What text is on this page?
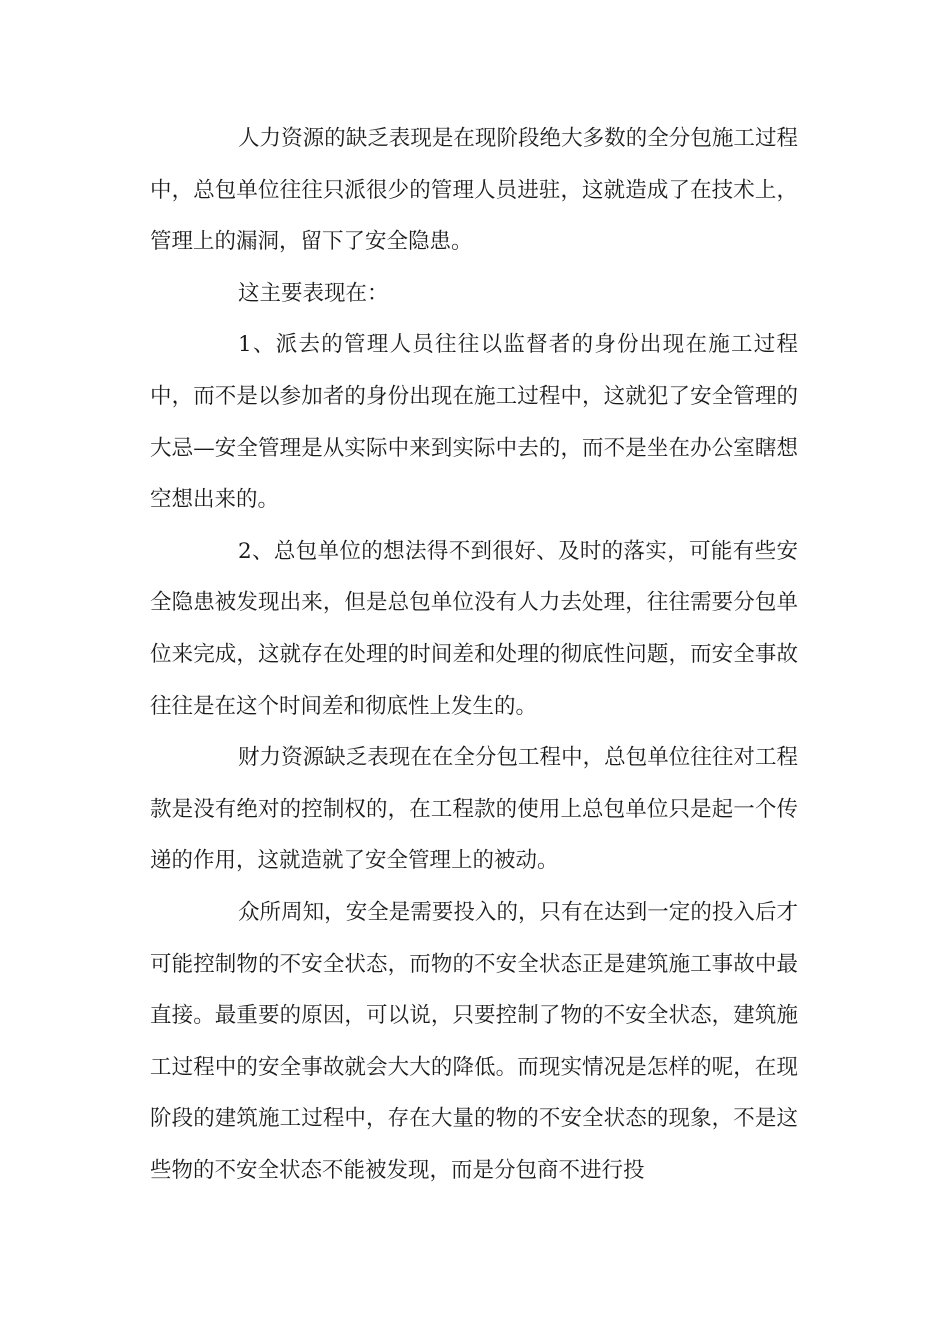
人力资源的缺乏表现是在现阶段绝大多数的全分包施工过程中，总包单位往往只派很少的管理人员进驻，这就造成了在技术上，管理上的漏洞，留下了安全隐患。

这主要表现在：

1、派去的管理人员往往以监督者的身份出现在施工过程中，而不是以参加者的身份出现在施工过程中，这就犯了安全管理的大忌—安全管理是从实际中来到实际中去的，而不是坐在办公室瞎想空想出来的。

2、总包单位的想法得不到很好、及时的落实，可能有些安全隐患被发现出来，但是总包单位没有人力去处理，往往需要分包单位来完成，这就存在处理的时间差和处理的彻底性问题，而安全事故往往是在这个时间差和彻底性上发生的。

财力资源缺乏表现在在全分包工程中，总包单位往往对工程款是没有绝对的控制权的，在工程款的使用上总包单位只是起一个传递的作用，这就造就了安全管理上的被动。

众所周知，安全是需要投入的，只有在达到一定的投入后才可能控制物的不安全状态，而物的不安全状态正是建筑施工事故中最直接。最重要的原因，可以说，只要控制了物的不安全状态，建筑施工过程中的安全事故就会大大的降低。而现实情况是怎样的呢，在现阶段的建筑施工过程中，存在大量的物的不安全状态的现象，不是这些物的不安全状态不能被发现，而是分包商不进行投
